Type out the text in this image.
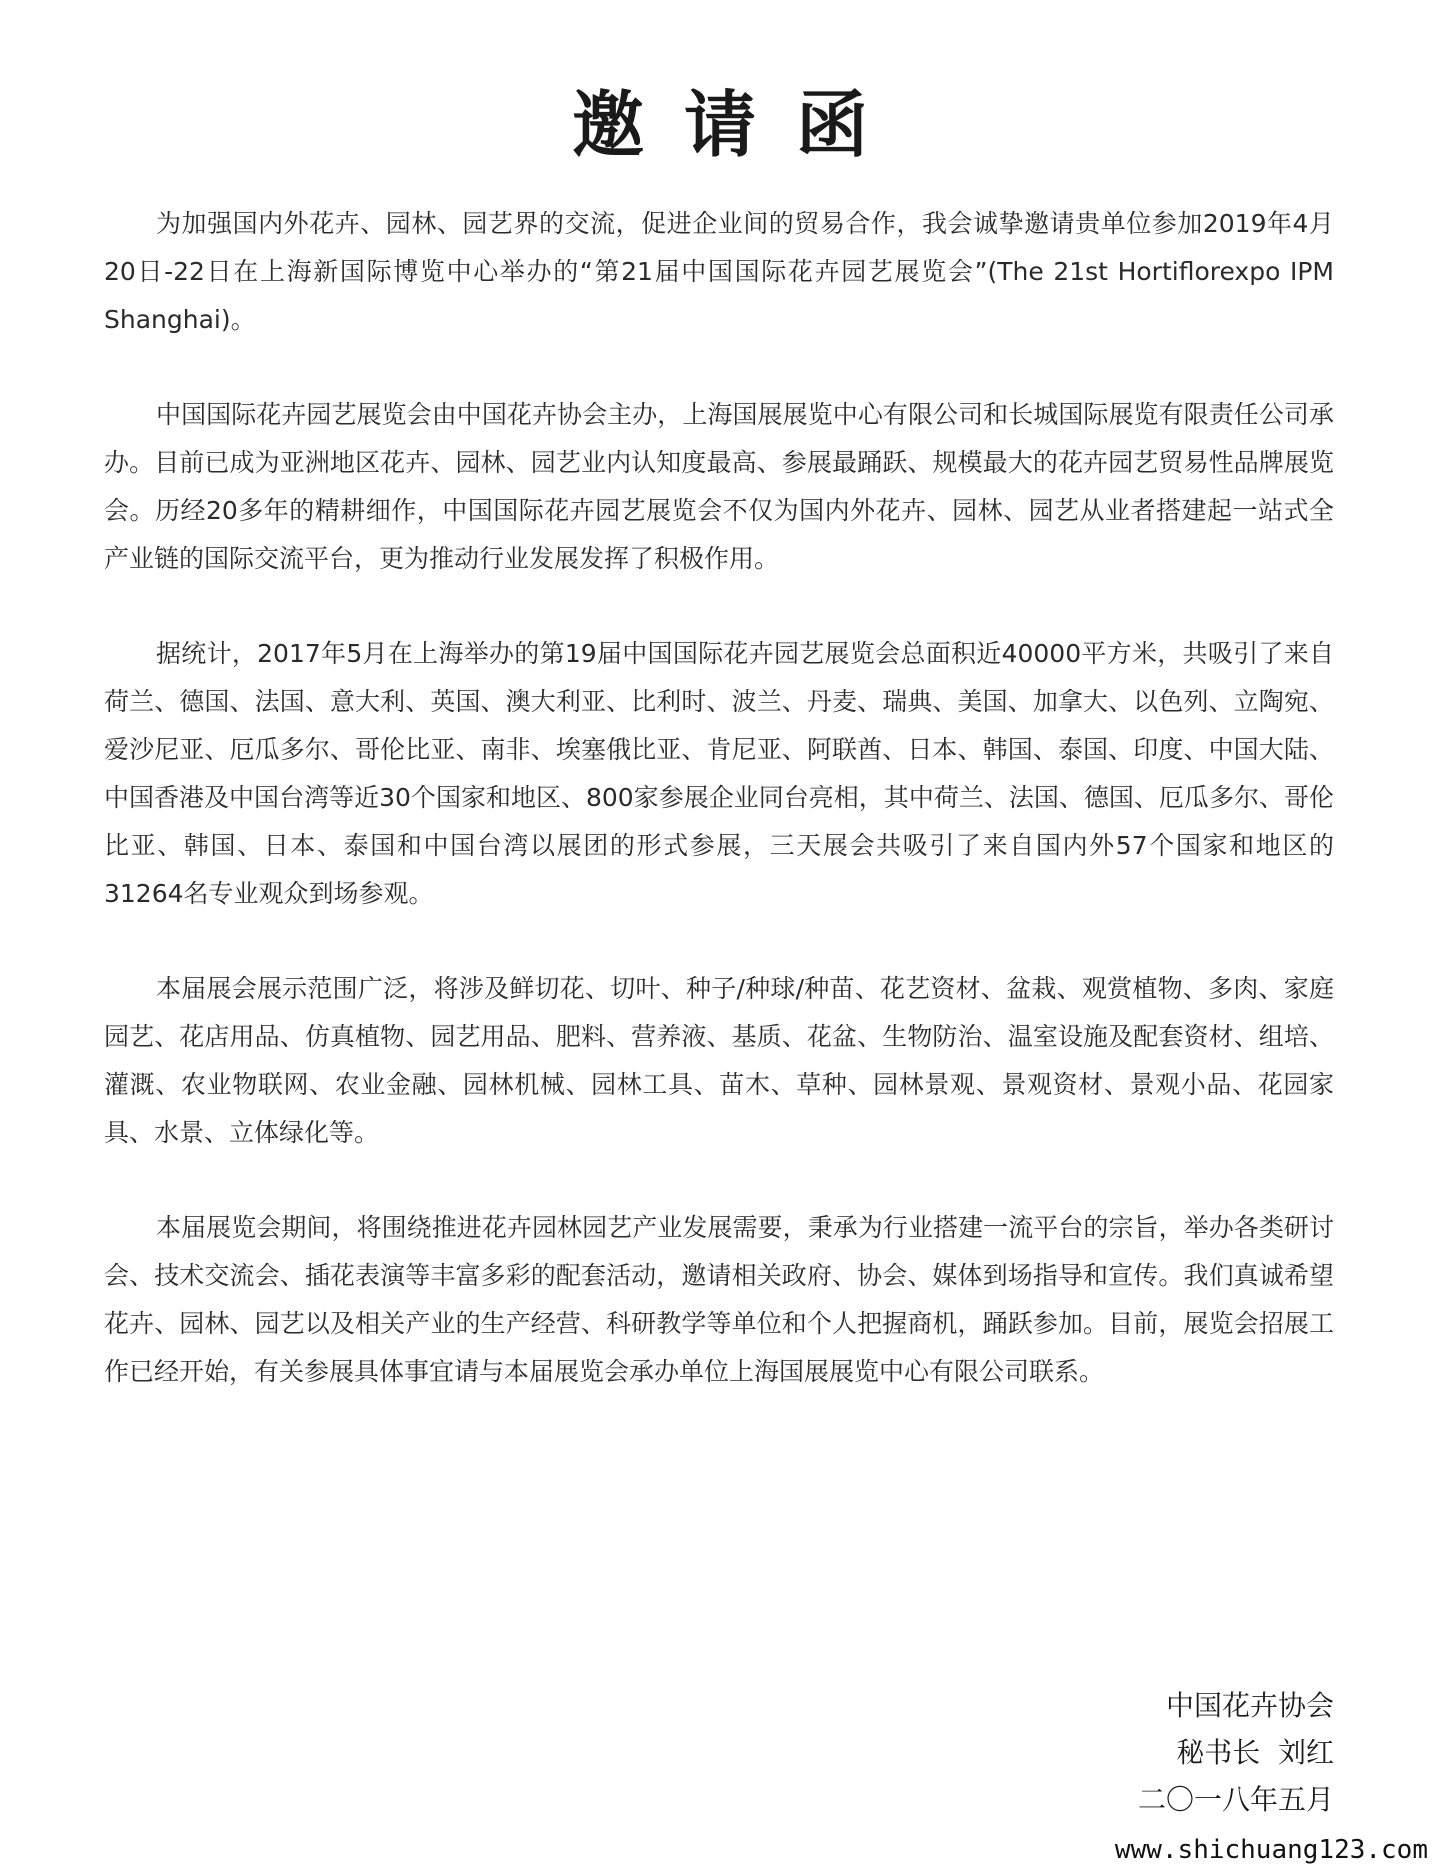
邀请函

为加强国内外花卉、园林、园艺界的交流，促进企业间的贸易合作，我会诚挚邀请贵单位参加2019年4月20日-22日在上海新国际博览中心举办的“第21届中国国际花卉园艺展览会”(The 21st Hortiflorexpo IPM Shanghai)。

中国国际花卉园艺展览会由中国花卉协会主办，上海国展展览中心有限公司和长城国际展览有限责任公司承办。目前已成为亚洲地区花卉、园林、园艺业内认知度最高、参展最踊跃、规模最大的花卉园艺贸易性品牌展览会。历经20多年的精耕细作，中国国际花卉园艺展览会不仅为国内外花卉、园林、园艺从业者搭建起一站式全产业链的国际交流平台，更为推动行业发展发挥了积极作用。

据统计，2017年5月在上海举办的第19届中国国际花卉园艺展览会总面积近40000平方米，共吸引了来自荷兰、德国、法国、意大利、英国、澳大利亚、比利时、波兰、丹麦、瑞典、美国、加拿大、以色列、立陶宛、爱沙尼亚、厄瓜多尔、哥伦比亚、南非、埃塞俄比亚、肯尼亚、阿联酋、日本、韩国、泰国、印度、中国大陆、中国香港及中国台湾等近30个国家和地区、800家参展企业同台亮相，其中荷兰、法国、德国、厄瓜多尔、哥伦比亚、韩国、日本、泰国和中国台湾以展团的形式参展，三天展会共吸引了来自国内外57个国家和地区的31264名专业观众到场参观。

本届展会展示范围广泛，将涉及鲜切花、切叶、种子/种球/种苗、花艺资材、盆栽、观赏植物、多肉、家庭园艺、花店用品、仿真植物、园艺用品、肥料、营养液、基质、花盆、生物防治、温室设施及配套资材、组培、灌溉、农业物联网、农业金融、园林机械、园林工具、苗木、草种、园林景观、景观资材、景观小品、花园家具、水景、立体绿化等。

本届展览会期间，将围绕推进花卉园林园艺产业发展需要，秉承为行业搭建一流平台的宗旨，举办各类研讨会、技术交流会、插花表演等丰富多彩的配套活动，邀请相关政府、协会、媒体到场指导和宣传。我们真诚希望花卉、园林、园艺以及相关产业的生产经营、科研教学等单位和个人把握商机，踊跃参加。目前，展览会招展工作已经开始，有关参展具体事宜请与本届展览会承办单位上海国展展览中心有限公司联系。

中国花卉协会
秘书长  刘红
二〇一八年五月
www.shichuang123.com
